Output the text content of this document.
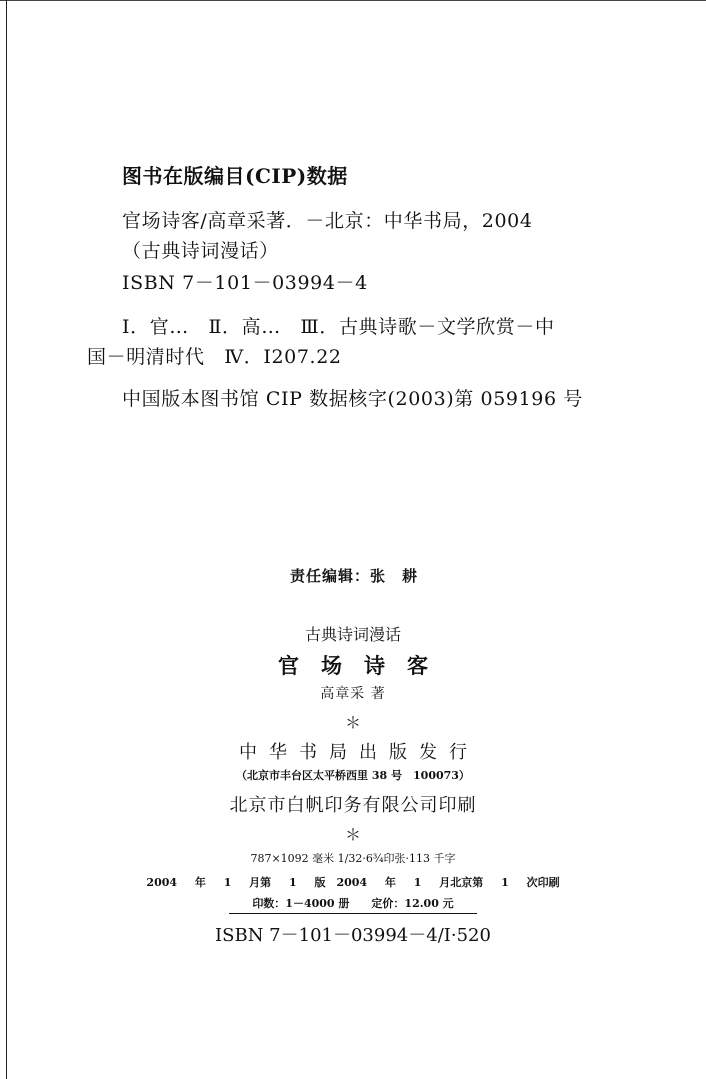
图书在版编目(CIP)数据
官场诗客/高章采著．－北京：中华书局，2004
（古典诗词漫话）
ISBN 7－101－03994－4
Ⅰ．官…　Ⅱ．高…　Ⅲ．古典诗歌－文学欣赏－中
国－明清时代　Ⅳ．I207.22
中国版本图书馆 CIP 数据核字(2003)第 059196 号
责任编辑：张　耕
古典诗词漫话
官场诗客
高章采 著
＊
中华书局出版发行
（北京市丰台区太平桥西里 38 号　100073）
北京市白帆印务有限公司印刷
＊
787×1092 毫米 1/32·6¾印张·113 千字
2004 年 1 月第 1 版　2004 年 1 月北京第 1 次印刷
印数：1－4000 册　　定价：12.00 元
ISBN 7－101－03994－4/I·520
